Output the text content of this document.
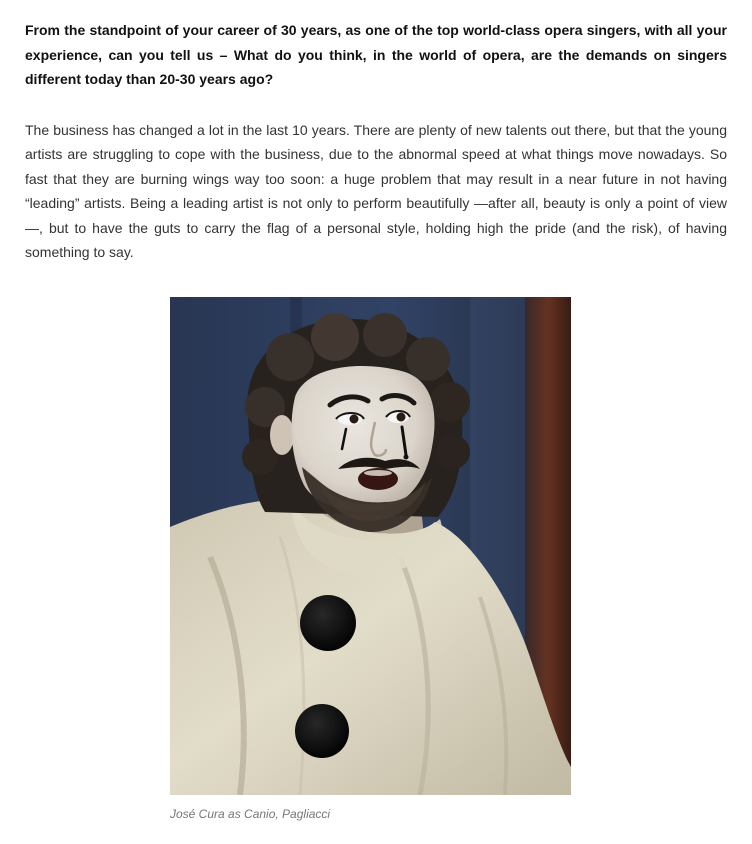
From the standpoint of your career of 30 years, as one of the top world-class opera singers, with all your experience, can you tell us – What do you think, in the world of opera, are the demands on singers different today than 20-30 years ago?

The business has changed a lot in the last 10 years. There are plenty of new talents out there, but that the young artists are struggling to cope with the business, due to the abnormal speed at what things move nowadays. So fast that they are burning wings way too soon: a huge problem that may result in a near future in not having “leading” artists. Being a leading artist is not only to perform beautifully —after all, beauty is only a point of view —, but to have the guts to carry the flag of a personal style, holding high the pride (and the risk), of having something to say.

José Cura as Canio, Pagliacci
